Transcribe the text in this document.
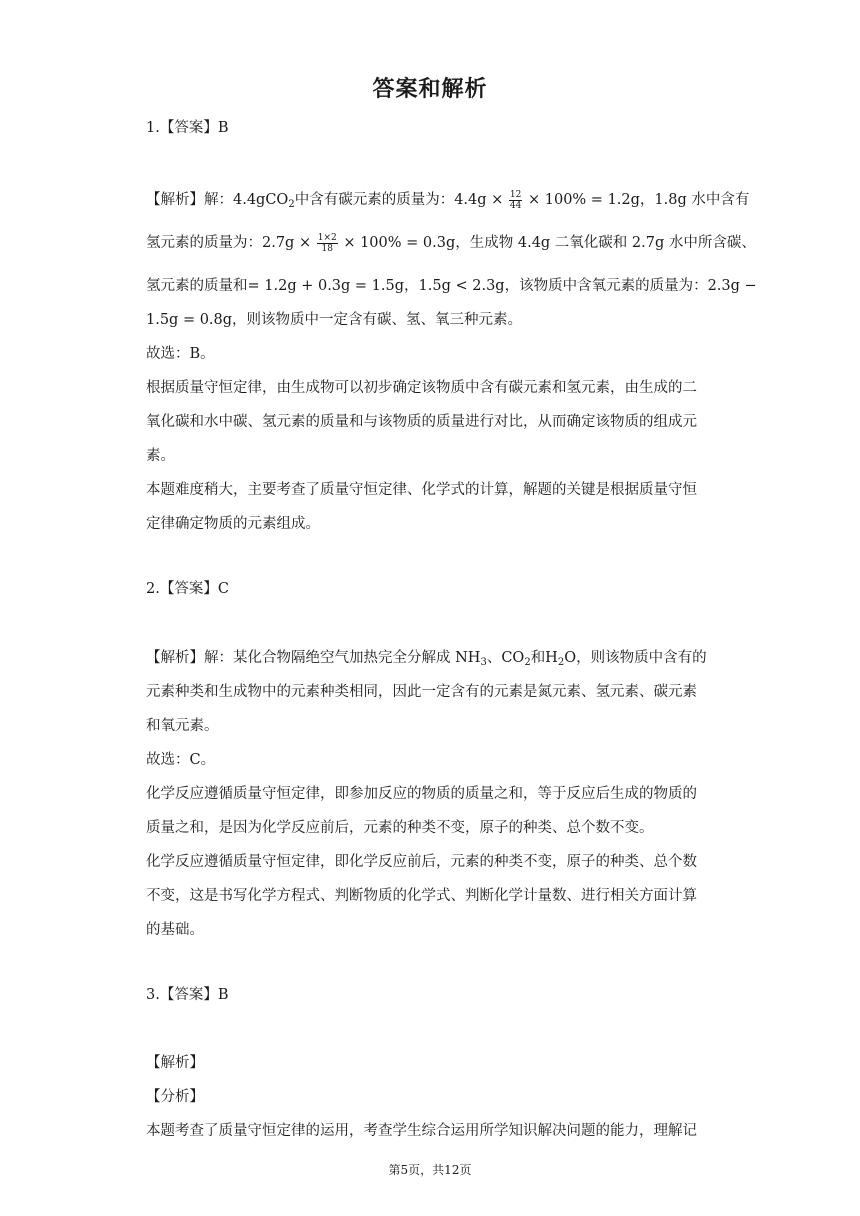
答案和解析
1.【答案】B
【解析】解：4.4gCO$_2$中含有碳元素的质量为：$4.4g \times \frac{12}{44} \times 100\% = 1.2g$，1.8g 水中含有
氢元素的质量为：$2.7g \times \frac{1\times 2}{18} \times 100\% = 0.3g$，生成物 4.4g 二氧化碳和 2.7g 水中所含碳、
氢元素的质量和= 1.2g + 0.3g = 1.5g，1.5g < 2.3g，该物质中含氧元素的质量为：2.3g −
1.5g = 0.8g，则该物质中一定含有碳、氢、氧三种元素。
故选：B。
根据质量守恒定律，由生成物可以初步确定该物质中含有碳元素和氢元素，由生成的二
氧化碳和水中碳、氢元素的质量和与该物质的质量进行对比，从而确定该物质的组成元
素。
本题难度稍大，主要考查了质量守恒定律、化学式的计算，解题的关键是根据质量守恒
定律确定物质的元素组成。
2.【答案】C
【解析】解：某化合物隔绝空气加热完全分解成 $NH_3$、$CO_2$和$H_2O$，则该物质中含有的
元素种类和生成物中的元素种类相同，因此一定含有的元素是氮元素、氢元素、碳元素
和氧元素。
故选：C。
化学反应遵循质量守恒定律，即参加反应的物质的质量之和，等于反应后生成的物质的
质量之和，是因为化学反应前后，元素的种类不变，原子的种类、总个数不变。
化学反应遵循质量守恒定律，即化学反应前后，元素的种类不变，原子的种类、总个数
不变，这是书写化学方程式、判断物质的化学式、判断化学计量数、进行相关方面计算
的基础。
3.【答案】B
【解析】
【分析】
本题考查了质量守恒定律的运用，考查学生综合运用所学知识解决问题的能力，理解记
第5页，共12页
